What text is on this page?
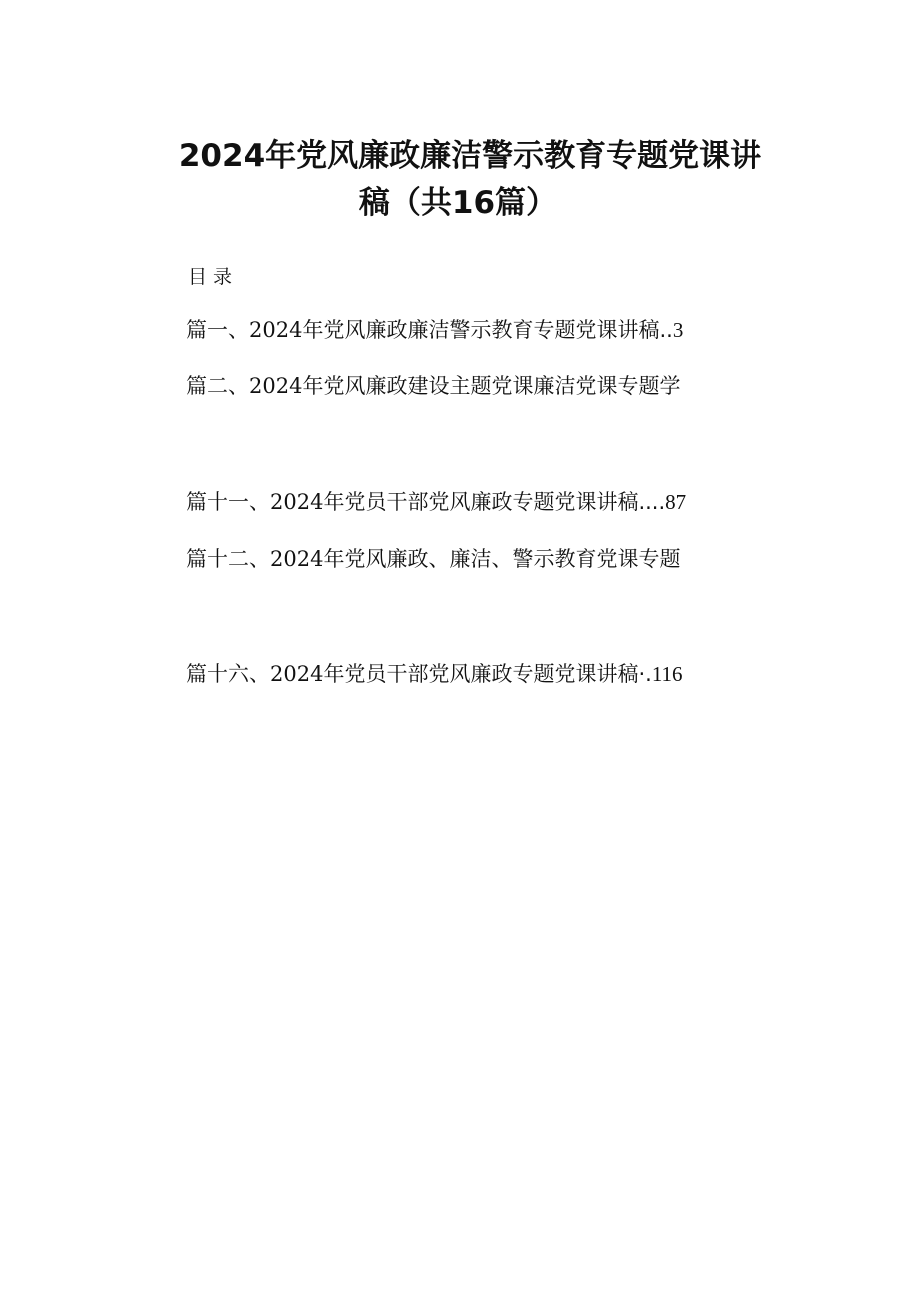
2024年党风廉政廉洁警示教育专题党课讲
稿（共16篇）
目录
篇一、2024年党风廉政廉洁警示教育专题党课讲稿..3
篇二、2024年党风廉政建设主题党课廉洁党课专题学
篇十一、2024年党员干部党风廉政专题党课讲稿....87
篇十二、2024年党风廉政、廉洁、警示教育党课专题
篇十六、2024年党员干部党风廉政专题党课讲稿·.116
